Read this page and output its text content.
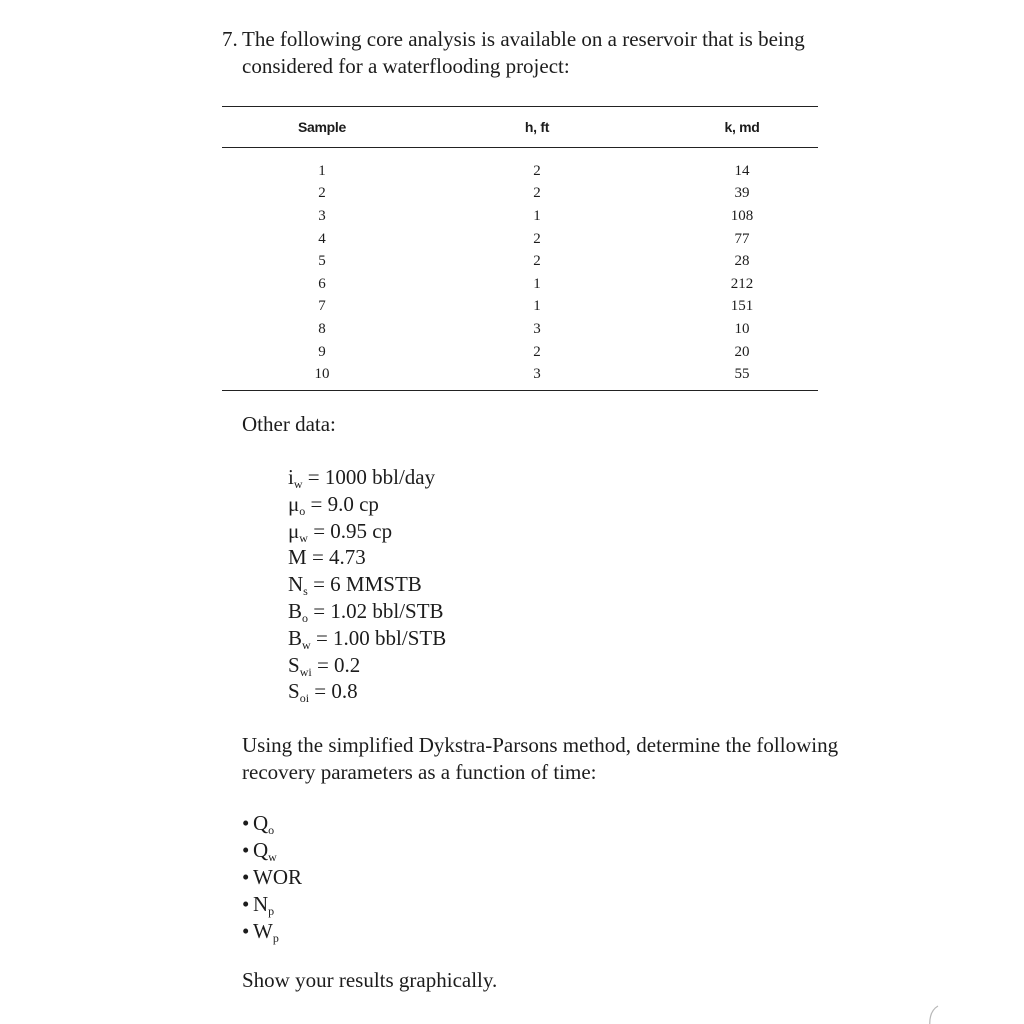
7. The following core analysis is available on a reservoir that is being
considered for a waterflooding project:
Sample	h, ft	k, md
1	2	14
2	2	39
3	1	108
4	2	77
5	2	28
6	1	212
7	1	151
8	3	10
9	2	20
10	3	55
Other data:
$i_w = 1000$ bbl/day
$\mu_o = 9.0$ cp
$\mu_w = 0.95$ cp
M = 4.73
$N_s = 6$ MMSTB
$B_o = 1.02$ bbl/STB
$B_w = 1.00$ bbl/STB
$S_{wi} = 0.2$
$S_{oi} = 0.8$
Using the simplified Dykstra-Parsons method, determine the following
recovery parameters as a function of time:
• $Q_o$
• $Q_w$
• WOR
• $N_p$
• $W_p$
Show your results graphically.
